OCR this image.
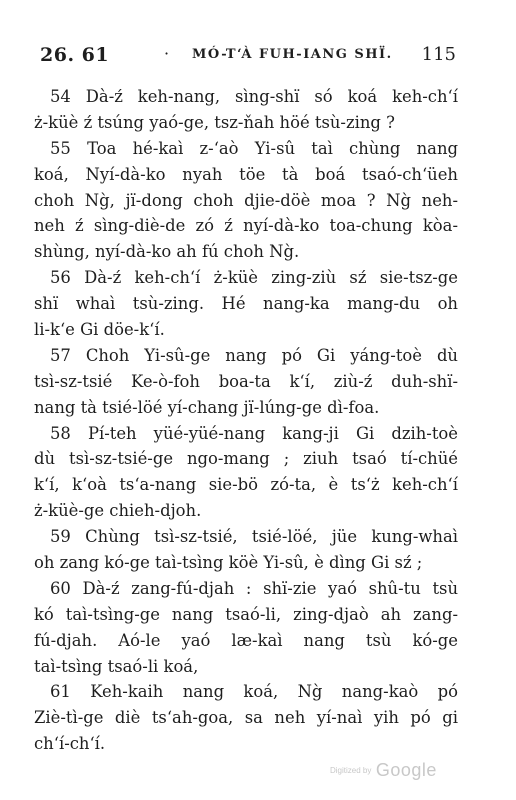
26. 61	· MÓ-T‘À FUH-IANG SHÏ. 115
54 Dà-ź keh-nang, sìng-shï só koá keh-ch‘í
ż-küè ź tsúng yaó-ge, tsz-ňah höé tsù-zing ?
55 Toa hé-kaì z-‘aò Yi-sû taì chùng nang
koá, Nyí-dà-ko nyah töe tà boá tsaó-ch‘üeh
choh Ng̀, jï-dong choh djie-döè moa ? Ng̀ neh-
neh ź sìng-diè-de zó ź nyí-dà-ko toa-chung kòa-
shùng, nyí-dà-ko ah fú choh Ng̀.
56 Dà-ź keh-ch‘í ż-küè zing-ziù sź sie-tsz-ge
shï whaì tsù-zing. Hé nang-ka mang-du oh
li-k‘e Gi döe-k‘í.
57 Choh Yi-sû-ge nang pó Gi yáng-toè dù
tsì-sz-tsié Ke-ò-foh boa-ta k‘í, ziù-ź duh-shï-
nang tà tsié-löé yí-chang jï-lúng-ge dì-foa.
58 Pí-teh yüé-yüé-nang kang-ji Gi dzih-toè
dù tsì-sz-tsié-ge ngo-mang ; ziuh tsaó tí-chüé
k‘í, k‘oà ts‘a-nang sie-bö zó-ta, è ts‘ż keh-ch‘í
ż-küè-ge chieh-djoh.
59 Chùng tsì-sz-tsié, tsié-löé, jüe kung-whaì
oh zang kó-ge taì-tsìng köè Yi-sû, è dìng Gi sź ;
60 Dà-ź zang-fú-djah : shï-zie yaó shû-tu tsù
kó taì-tsìng-ge nang tsaó-li, zing-djaò ah zang-
fú-djah. Aó-le yaó læ-kaì nang tsù kó-ge
taì-tsìng tsaó-li koá,
61 Keh-kaih nang koá, Ng̀ nang-kaò pó
Ziè-tì-ge diè ts‘ah-goa, sa neh yí-naì yih pó gi
ch‘í-ch‘í.
Digitized by Google
